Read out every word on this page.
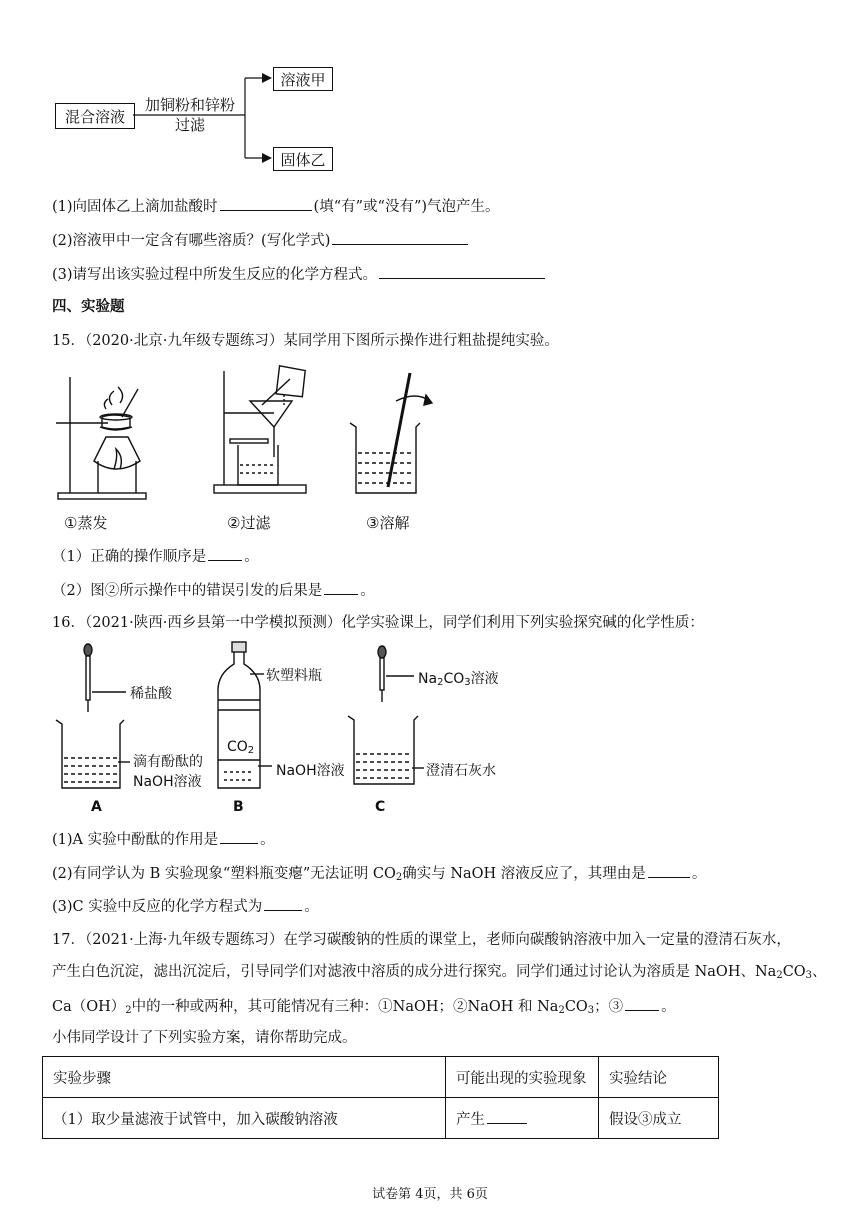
混合溶液
加铜粉和锌粉
过滤
溶液甲
固体乙
(1)向固体乙上滴加盐酸时	(填“有”或“没有”)气泡产生。
(2)溶液甲中一定含有哪些溶质？(写化学式)
(3)请写出该实验过程中所发生反应的化学方程式。
四、实验题
15．（2020·北京·九年级专题练习）某同学用下图所示操作进行粗盐提纯实验。
①蒸发	②过滤	③溶解
（1）正确的操作顺序是	。
（2）图②所示操作中的错误引发的后果是	。
16．（2021·陕西·西乡县第一中学模拟预测）化学实验课上，同学们利用下列实验探究碱的化学性质：
稀盐酸
软塑料瓶	$Na_2CO_3$溶液
滴有酚酞的
NaOH溶液
$CO_2$
NaOH溶液	澄清石灰水
A	B	C
(1)A 实验中酚酞的作用是	。
(2)有同学认为 B 实验现象“塑料瓶变瘪”无法证明 $CO_2$确实与 NaOH 溶液反应了，其理由是	。
(3)C 实验中反应的化学方程式为	。
17．（2021·上海·九年级专题练习）在学习碳酸钠的性质的课堂上，老师向碳酸钠溶液中加入一定量的澄清石灰水，
产生白色沉淀，滤出沉淀后，引导同学们对滤液中溶质的成分进行探究。同学们通过讨论认为溶质是 NaOH、$Na_2CO_3$、
$Ca(OH)_2$中的一种或两种，其可能情况有三种：①NaOH；②NaOH 和 $Na_2CO_3$；③	。
小伟同学设计了下列实验方案，请你帮助完成。
实验步骤	可能出现的实验现象	实验结论
（1）取少量滤液于试管中，加入碳酸钠溶液	产生	假设③成立
试卷第 4页，共 6页
